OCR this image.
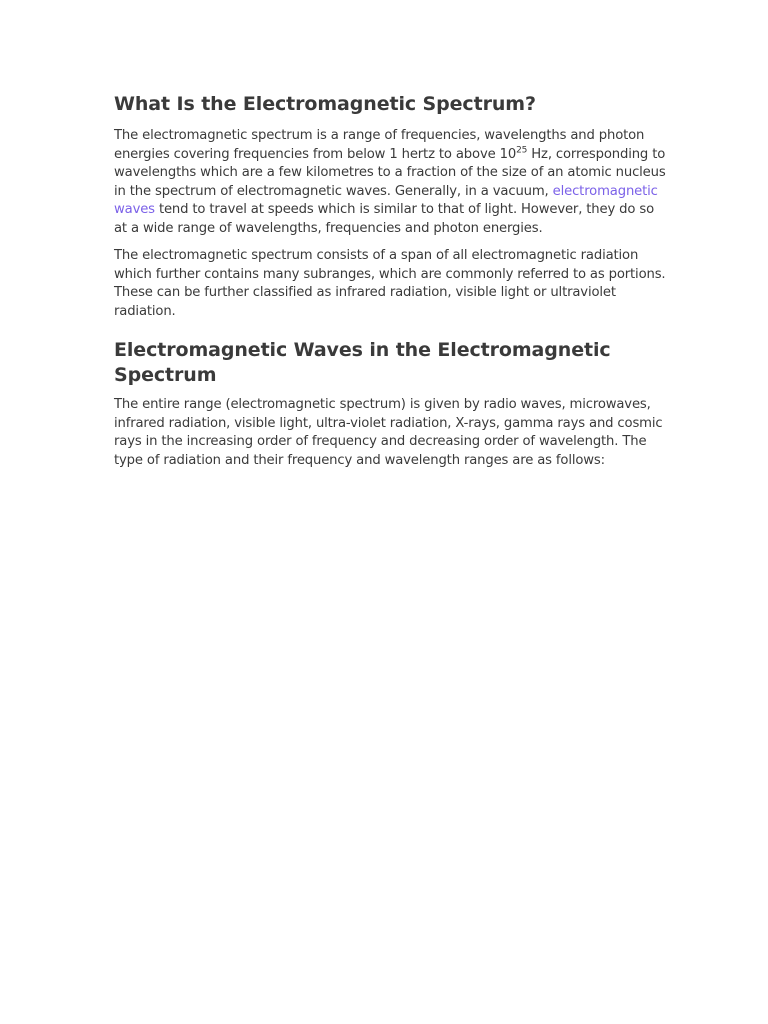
What Is the Electromagnetic Spectrum?

The electromagnetic spectrum is a range of frequencies, wavelengths and photon energies covering frequencies from below 1 hertz to above $10^{25}$ Hz, corresponding to wavelengths which are a few kilometres to a fraction of the size of an atomic nucleus in the spectrum of electromagnetic waves. Generally, in a vacuum, electromagnetic waves tend to travel at speeds which is similar to that of light. However, they do so at a wide range of wavelengths, frequencies and photon energies.

The electromagnetic spectrum consists of a span of all electromagnetic radiation which further contains many subranges, which are commonly referred to as portions. These can be further classified as infrared radiation, visible light or ultraviolet radiation.

Electromagnetic Waves in the Electromagnetic Spectrum

The entire range (electromagnetic spectrum) is given by radio waves, microwaves, infrared radiation, visible light, ultra-violet radiation, X-rays, gamma rays and cosmic rays in the increasing order of frequency and decreasing order of wavelength. The type of radiation and their frequency and wavelength ranges are as follows:
